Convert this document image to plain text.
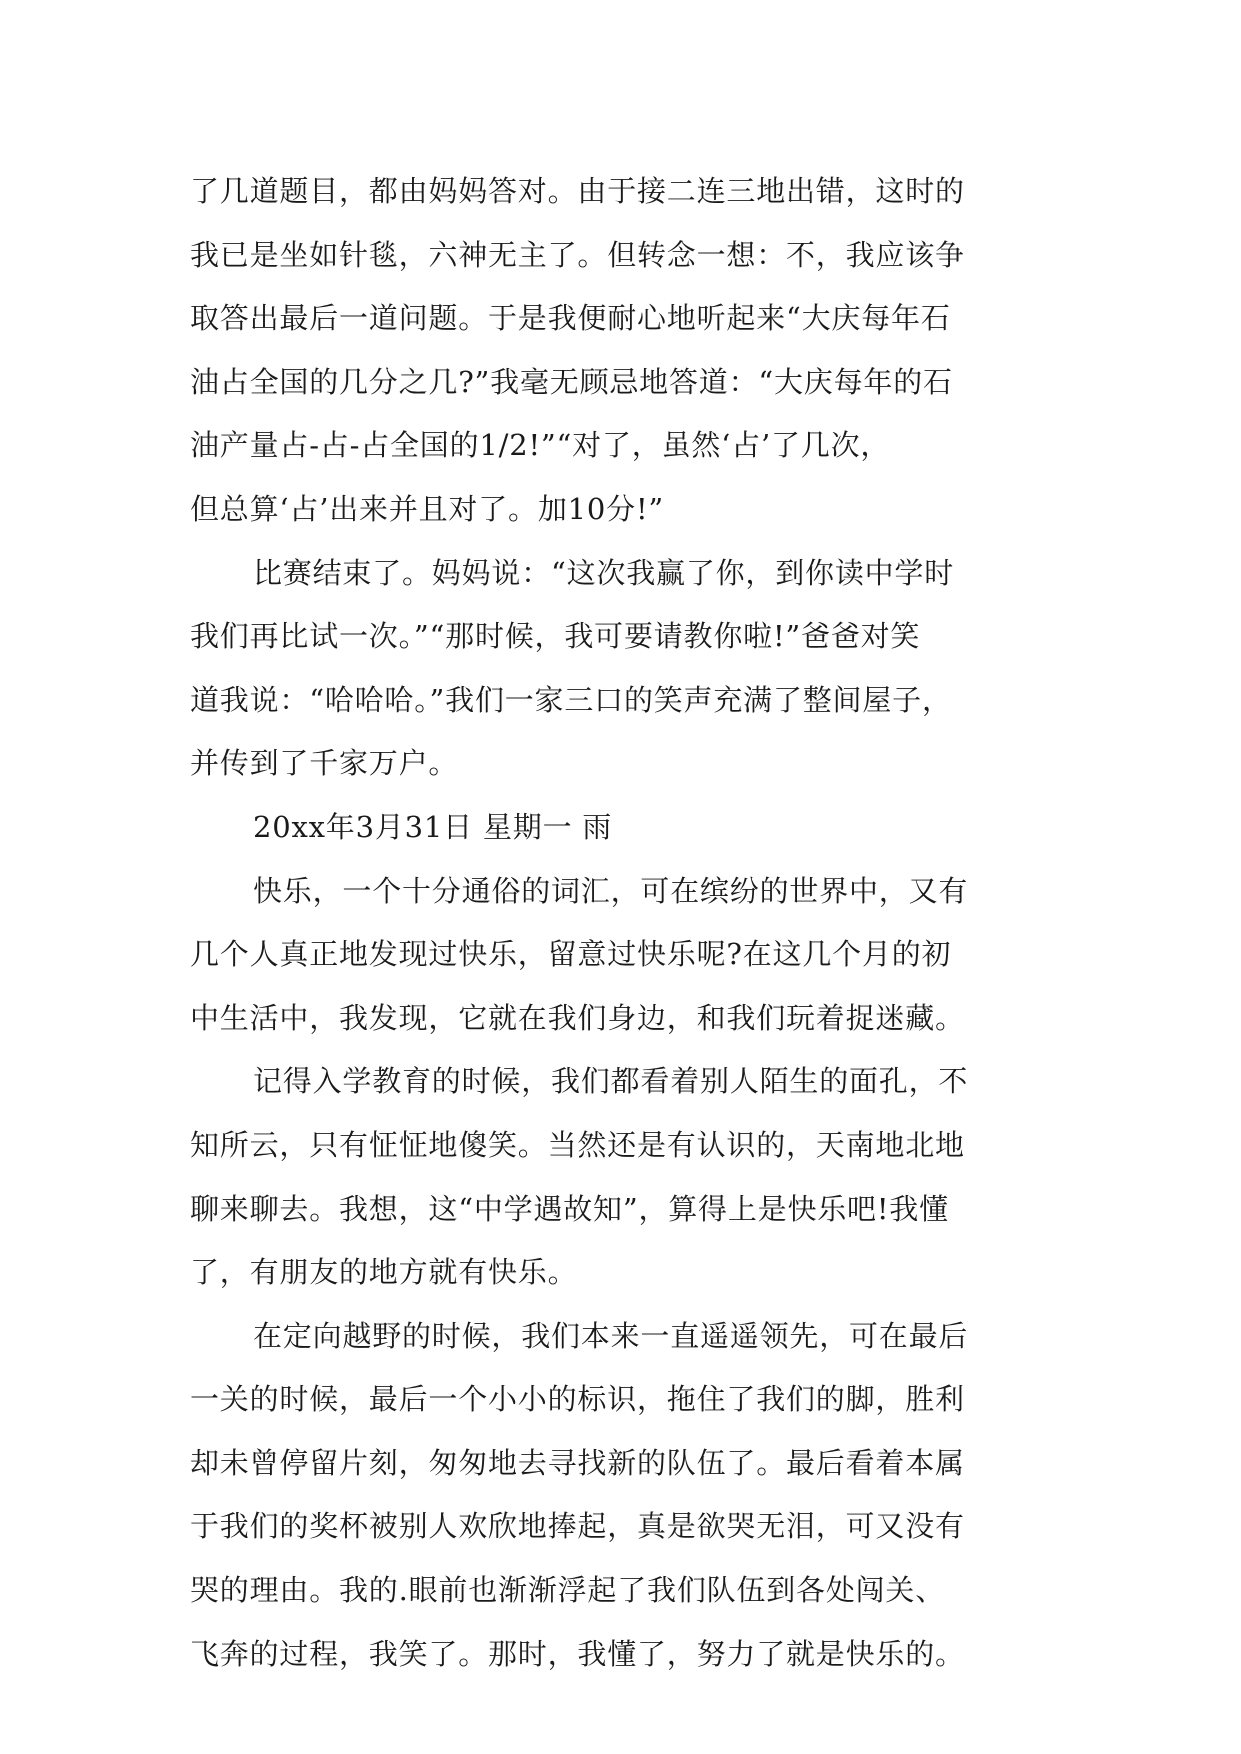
了几道题目，都由妈妈答对。由于接二连三地出错，这时的
我已是坐如针毯，六神无主了。但转念一想：不，我应该争
取答出最后一道问题。于是我便耐心地听起来“大庆每年石
油占全国的几分之几?”我毫无顾忌地答道：“大庆每年的石
油产量占-占-占全国的1/2!”“对了，虽然‘占’了几次，
但总算‘占’出来并且对了。加10分!”
比赛结束了。妈妈说：“这次我赢了你，到你读中学时
我们再比试一次。”“那时候，我可要请教你啦!”爸爸对笑
道我说：“哈哈哈。”我们一家三口的笑声充满了整间屋子，
并传到了千家万户。
20xx年3月31日 星期一 雨
快乐，一个十分通俗的词汇，可在缤纷的世界中，又有
几个人真正地发现过快乐，留意过快乐呢?在这几个月的初
中生活中，我发现，它就在我们身边，和我们玩着捉迷藏。
记得入学教育的时候，我们都看着别人陌生的面孔，不
知所云，只有怔怔地傻笑。当然还是有认识的，天南地北地
聊来聊去。我想，这“中学遇故知”，算得上是快乐吧!我懂
了，有朋友的地方就有快乐。
在定向越野的时候，我们本来一直遥遥领先，可在最后
一关的时候，最后一个小小的标识，拖住了我们的脚，胜利
却未曾停留片刻，匆匆地去寻找新的队伍了。最后看着本属
于我们的奖杯被别人欢欣地捧起，真是欲哭无泪，可又没有
哭的理由。我的.眼前也渐渐浮起了我们队伍到各处闯关、
飞奔的过程，我笑了。那时，我懂了，努力了就是快乐的。
